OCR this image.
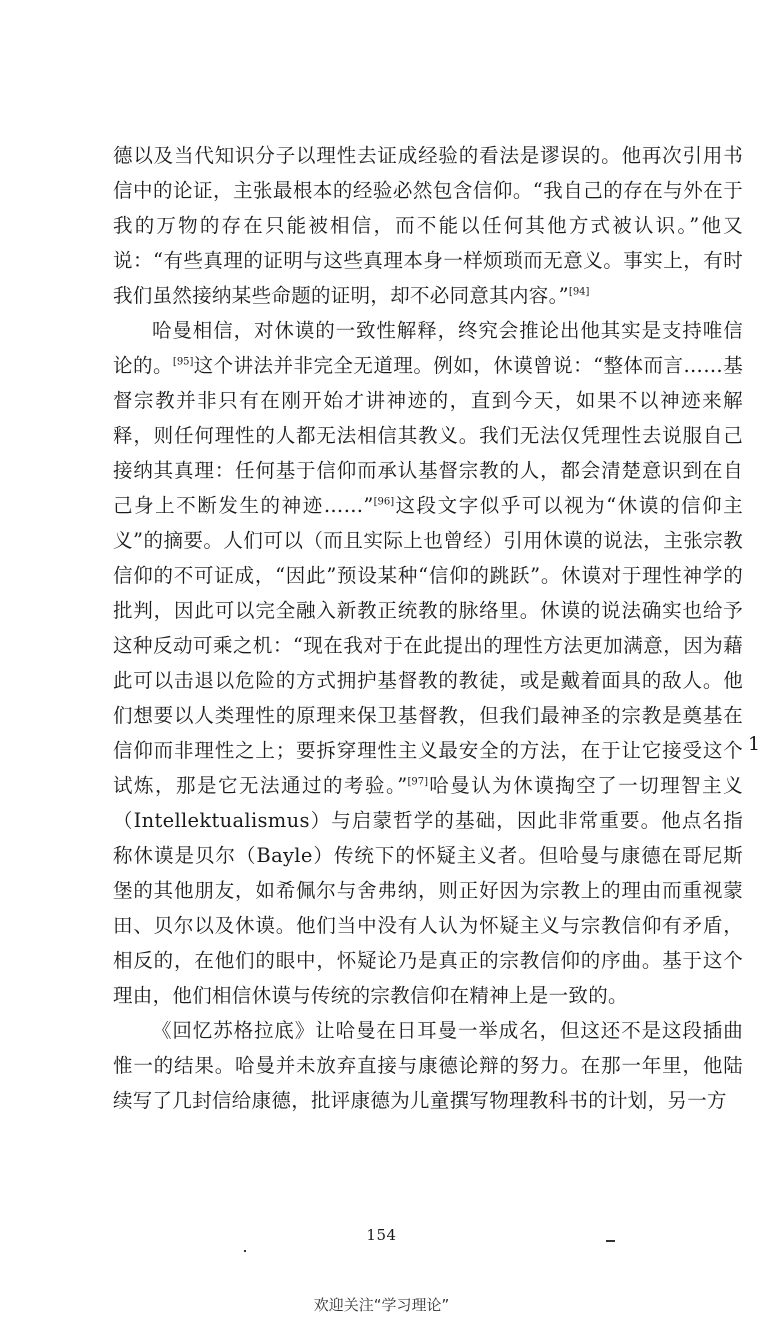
德以及当代知识分子以理性去证成经验的看法是谬误的。他再次引用书信中的论证，主张最根本的经验必然包含信仰。“我自己的存在与外在于我的万物的存在只能被相信，而不能以任何其他方式被认识。”他又说：“有些真理的证明与这些真理本身一样烦琐而无意义。事实上，有时我们虽然接纳某些命题的证明，却不必同意其内容。”[94]

哈曼相信，对休谟的一致性解释，终究会推论出他其实是支持唯信论的。[95]这个讲法并非完全无道理。例如，休谟曾说：“整体而言……基督宗教并非只有在刚开始才讲神迹的，直到今天，如果不以神迹来解释，则任何理性的人都无法相信其教义。我们无法仅凭理性去说服自己接纳其真理：任何基于信仰而承认基督宗教的人，都会清楚意识到在自己身上不断发生的神迹……”[96]这段文字似乎可以视为“休谟的信仰主义”的摘要。人们可以（而且实际上也曾经）引用休谟的说法，主张宗教信仰的不可证成，“因此”预设某种“信仰的跳跃”。休谟对于理性神学的批判，因此可以完全融入新教正统教的脉络里。休谟的说法确实也给予这种反动可乘之机：“现在我对于在此提出的理性方法更加满意，因为藉此可以击退以危险的方式拥护基督教的教徒，或是戴着面具的敌人。他们想要以人类理性的原理来保卫基督教，但我们最神圣的宗教是奠基在信仰而非理性之上；要拆穿理性主义最安全的方法，在于让它接受这个试炼，那是它无法通过的考验。”[97]哈曼认为休谟掏空了一切理智主义（Intellektualismus）与启蒙哲学的基础，因此非常重要。他点名指称休谟是贝尔（Bayle）传统下的怀疑主义者。但哈曼与康德在哥尼斯堡的其他朋友，如希佩尔与舍弗纳，则正好因为宗教上的理由而重视蒙田、贝尔以及休谟。他们当中没有人认为怀疑主义与宗教信仰有矛盾，相反的，在他们的眼中，怀疑论乃是真正的宗教信仰的序曲。基于这个理由，他们相信休谟与传统的宗教信仰在精神上是一致的。

《回忆苏格拉底》让哈曼在日耳曼一举成名，但这还不是这段插曲惟一的结果。哈曼并未放弃直接与康德论辩的努力。在那一年里，他陆续写了几封信给康德，批评康德为儿童撰写物理教科书的计划，另一方

1
154
欢迎关注“学习理论”
